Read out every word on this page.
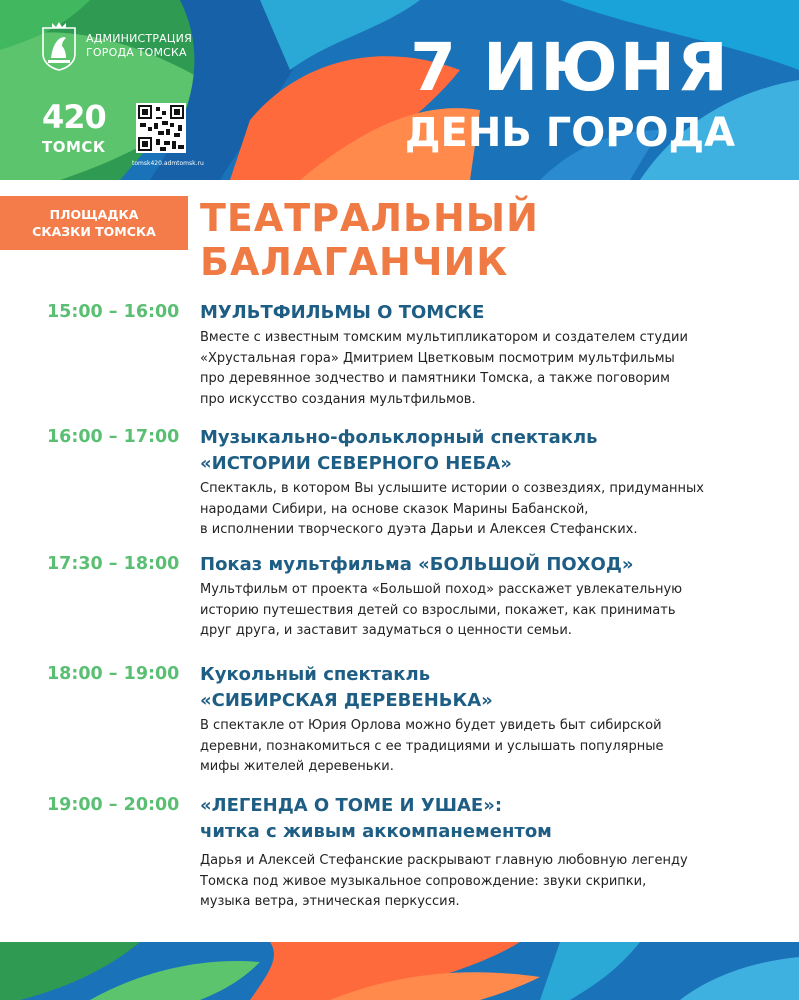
АДМИНИСТРАЦИЯ
ГОРОДА ТОМСКА
420
ТОМСК
tomsk420.admtomsk.ru
7 ИЮНЯ
ДЕНЬ ГОРОДА
ПЛОЩАДКА
СКАЗКИ ТОМСКА ТЕАТРАЛЬНЫЙ
БАЛАГАНЧИК
15:00 – 16:00 МУЛЬТФИЛЬМЫ О ТОМСКЕ
Вместе с известным томским мультипликатором и создателем студии
«Хрустальная гора» Дмитрием Цветковым посмотрим мультфильмы
про деревянное зодчество и памятники Томска, а также поговорим
про искусство создания мультфильмов.
16:00 – 17:00 Музыкально-фольклорный спектакль
«ИСТОРИИ СЕВЕРНОГО НЕБА»
Спектакль, в котором Вы услышите истории о созвездиях, придуманных
народами Сибири, на основе сказок Марины Бабанской,
в исполнении творческого дуэта Дарьи и Алексея Стефанских.
17:30 – 18:00 Показ мультфильма «БОЛЬШОЙ ПОХОД»
Мультфильм от проекта «Большой поход» расскажет увлекательную
историю путешествия детей со взрослыми, покажет, как принимать
друг друга, и заставит задуматься о ценности семьи.
18:00 – 19:00 Кукольный спектакль
«СИБИРСКАЯ ДЕРЕВЕНЬКА»
В спектакле от Юрия Орлова можно будет увидеть быт сибирской
деревни, познакомиться с ее традициями и услышать популярные
мифы жителей деревеньки.
19:00 – 20:00 «ЛЕГЕНДА О ТОМЕ И УШАЕ»:
читка с живым аккомпанементом
Дарья и Алексей Стефанские раскрывают главную любовную легенду
Томска под живое музыкальное сопровождение: звуки скрипки,
музыка ветра, этническая перкуссия.
